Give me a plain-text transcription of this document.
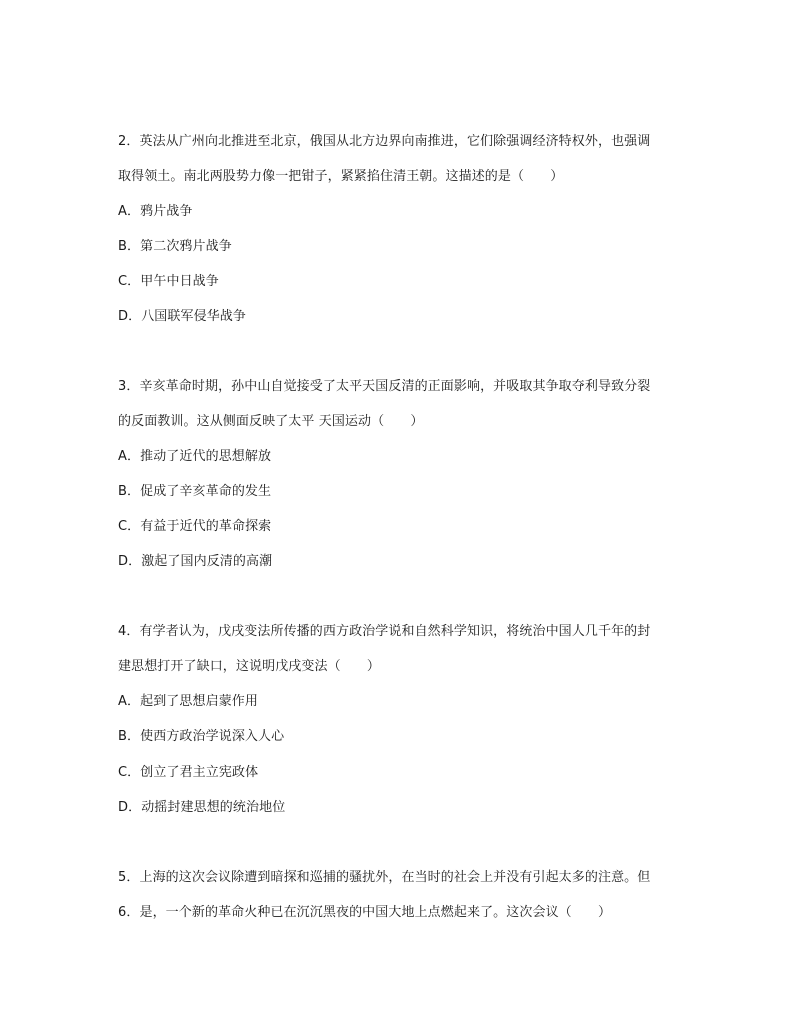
2．英法从广州向北推进至北京，俄国从北方边界向南推进，它们除强调经济特权外，也强调
取得领土。南北两股势力像一把钳子，紧紧掐住清王朝。这描述的是（　　）
A．鸦片战争
B．第二次鸦片战争
C．甲午中日战争
D．八国联军侵华战争
3．辛亥革命时期，孙中山自觉接受了太平天国反清的正面影响，并吸取其争取夺利导致分裂
的反面教训。这从侧面反映了太平 天国运动（　　）
A．推动了近代的思想解放
B．促成了辛亥革命的发生
C．有益于近代的革命探索
D．激起了国内反清的高潮
4．有学者认为，戊戌变法所传播的西方政治学说和自然科学知识，将统治中国人几千年的封
建思想打开了缺口，这说明戊戌变法（　　）
A．起到了思想启蒙作用
B．使西方政治学说深入人心
C．创立了君主立宪政体
D．动摇封建思想的统治地位
5．上海的这次会议除遭到暗探和巡捕的骚扰外，在当时的社会上并没有引起太多的注意。但
6．是，一个新的革命火种已在沉沉黑夜的中国大地上点燃起来了。这次会议（　　）
